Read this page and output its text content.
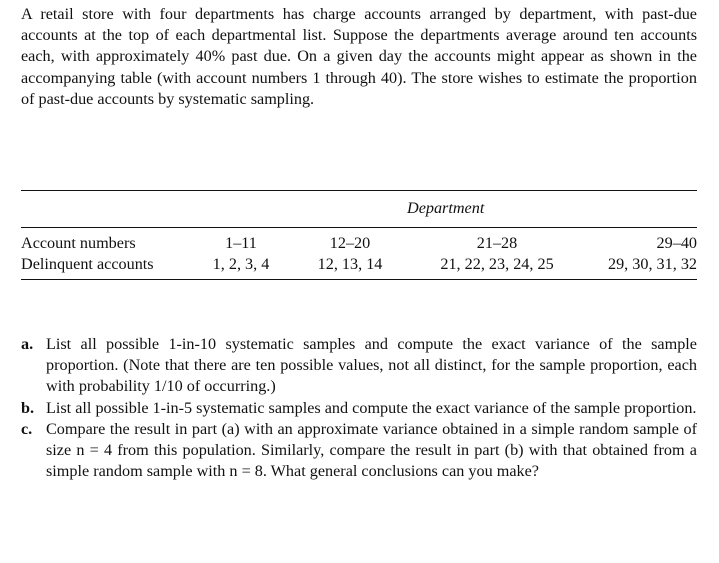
A retail store with four departments has charge accounts arranged by department, with past-due accounts at the top of each departmental list. Suppose the departments average around ten accounts each, with approximately 40% past due. On a given day the accounts might appear as shown in the accompanying table (with account numbers 1 through 40). The store wishes to estimate the proportion of past-due accounts by systematic sampling.

Department
Account numbers	1–11	12–20	21–28	29–40
Delinquent accounts	1, 2, 3, 4	12, 13, 14	21, 22, 23, 24, 25	29, 30, 31, 32
a. List all possible 1-in-10 systematic samples and compute the exact variance of the sample proportion. (Note that there are ten possible values, not all distinct, for the sample proportion, each with probability 1/10 of occurring.)
b. List all possible 1-in-5 systematic samples and compute the exact variance of the sample proportion.
c. Compare the result in part (a) with an approximate variance obtained in a simple random sample of size n = 4 from this population. Similarly, compare the result in part (b) with that obtained from a simple random sample with n = 8. What general conclusions can you make?
